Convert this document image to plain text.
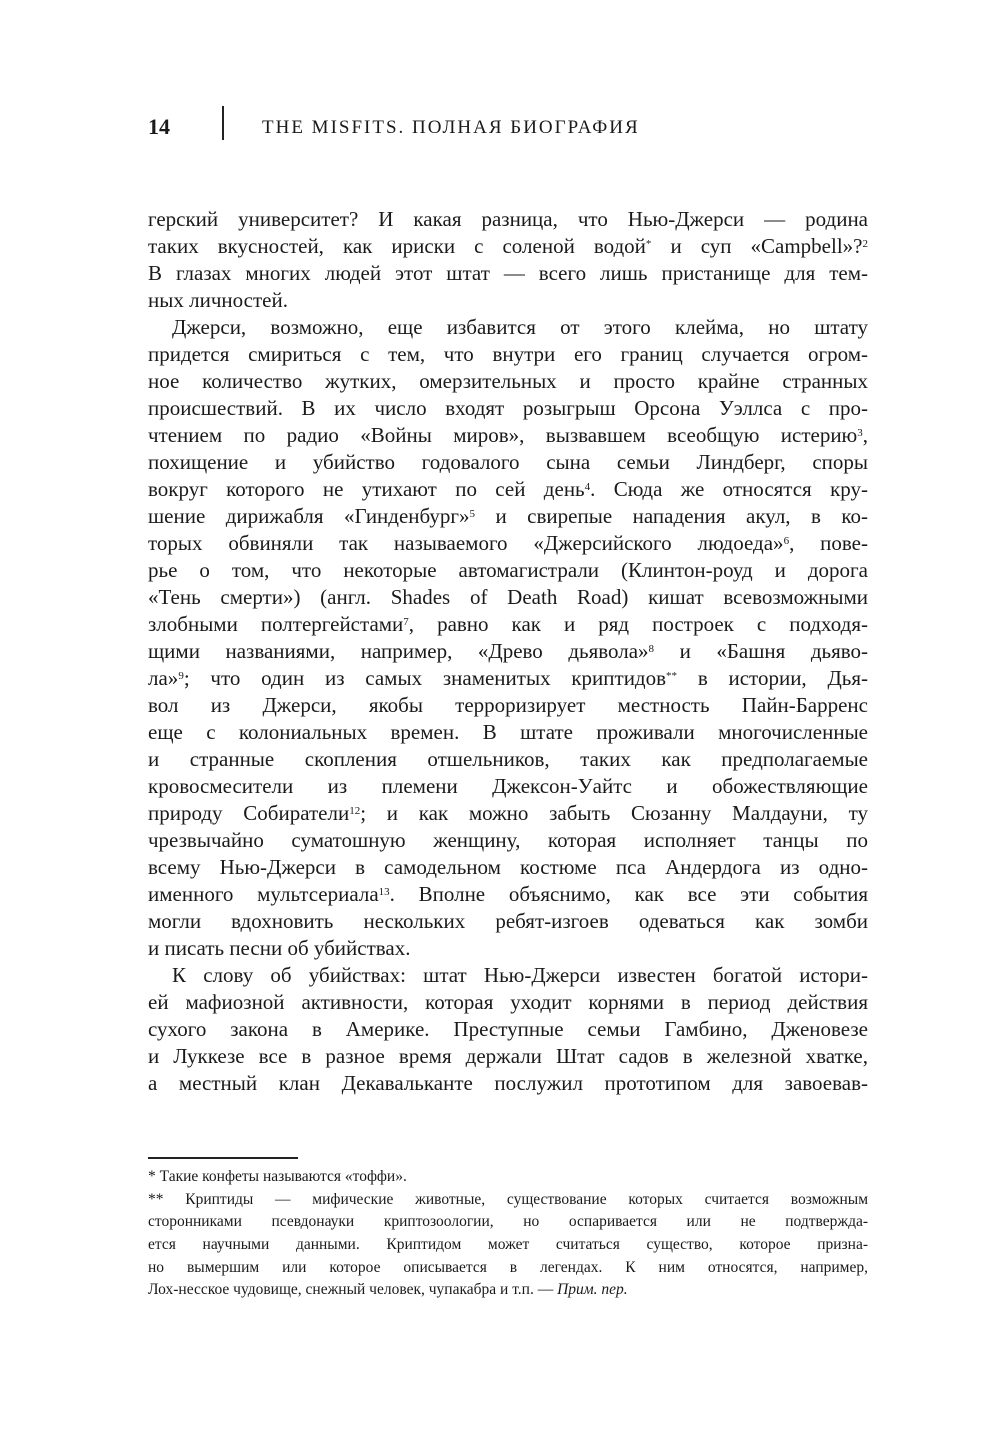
14	THE MISFITS. ПОЛНАЯ БИОГРАФИЯ
герский университет? И какая разница, что Нью-Джерси — родина
таких вкусностей, как ириски с соленой водой* и суп «Campbell»?$^2$
В глазах многих людей этот штат — всего лишь пристанище для тем-
ных личностей.
Джерси, возможно, еще избавится от этого клейма, но штату
придется смириться с тем, что внутри его границ случается огром-
ное количество жутких, омерзительных и просто крайне странных
происшествий. В их число входят розыгрыш Орсона Уэллса с про-
чтением по радио «Войны миров», вызвавшем всеобщую истерию$^3$,
похищение и убийство годовалого сына семьи Линдберг, споры
вокруг которого не утихают по сей день$^4$. Сюда же относятся кру-
шение дирижабля «Гинденбург»$^5$ и свирепые нападения акул, в ко-
торых обвиняли так называемого «Джерсийского людоеда»$^6$, пове-
рье о том, что некоторые автомагистрали (Клинтон-роуд и дорога
«Тень смерти») (англ. Shades of Death Road) кишат всевозможными
злобными полтергейстами$^7$, равно как и ряд построек с подходя-
щими названиями, например, «Древо дьявола»$^8$ и «Башня дьяво-
ла»$^9$; что один из самых знаменитых криптидов** в истории, Дья-
вол из Джерси, якобы терроризирует местность Пайн-Барренс
еще с колониальных времен. В штате проживали многочисленные
и странные скопления отшельников, таких как предполагаемые
кровосмесители из племени Джексон-Уайтс и обожествляющие
природу Собиратели$^{12}$; и как можно забыть Сюзанну Малдауни, ту
чрезвычайно суматошную женщину, которая исполняет танцы по
всему Нью-Джерси в самодельном костюме пса Андердога из одно-
именного мультсериала$^{13}$. Вполне объяснимо, как все эти события
могли вдохновить нескольких ребят-изгоев одеваться как зомби
и писать песни об убийствах.
К слову об убийствах: штат Нью-Джерси известен богатой истори-
ей мафиозной активности, которая уходит корнями в период действия
сухого закона в Америке. Преступные семьи Гамбино, Дженовезе
и Луккезе все в разное время держали Штат садов в железной хватке,
а местный клан Декавальканте послужил прототипом для завоевав-
* Такие конфеты называются «тоффи».
** Криптиды — мифические животные, существование которых считается возможным
сторонниками псевдонауки криптозоологии, но оспаривается или не подтвержда-
ется научными данными. Криптидом может считаться существо, которое призна-
но вымершим или которое описывается в легендах. К ним относятся, например,
Лох-несское чудовище, снежный человек, чупакабра и т.п. — Прим. пер.
